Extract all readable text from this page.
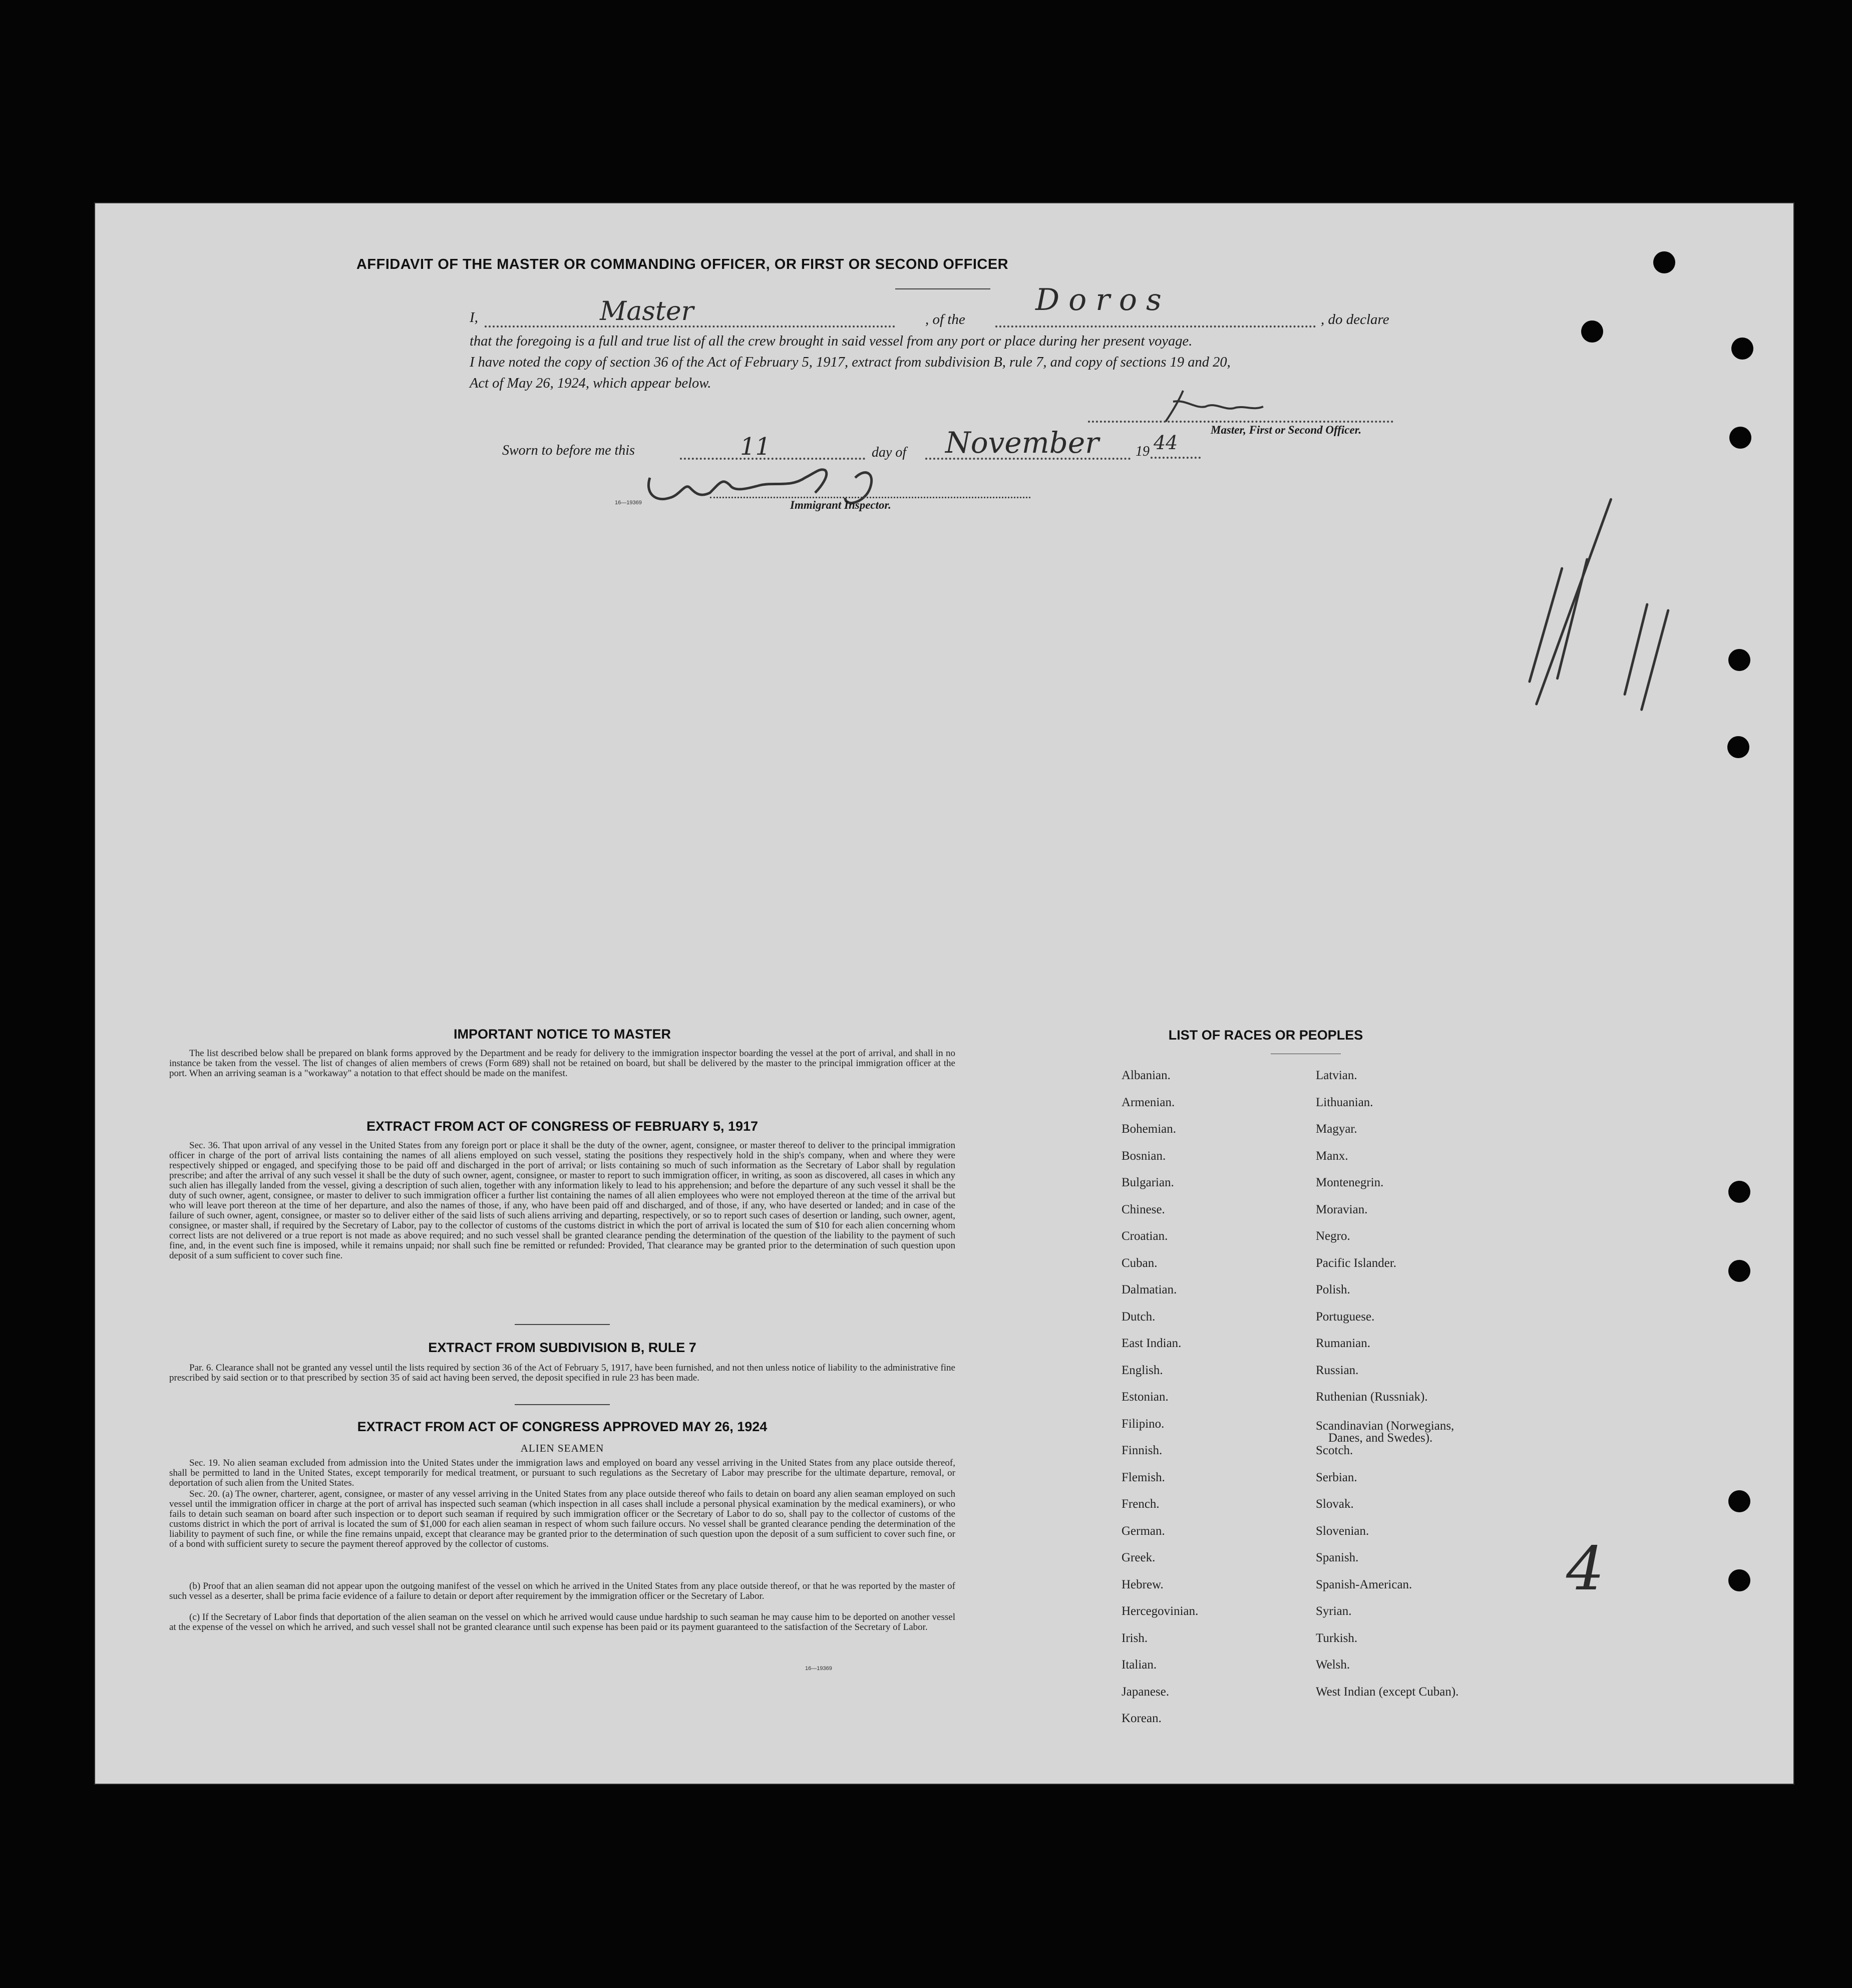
AFFIDAVIT OF THE MASTER OR COMMANDING OFFICER, OR FIRST OR SECOND OFFICER
I,	Master	, of the
Doros
, do declare
that the foregoing is a full and true list of all the crew brought in said vessel from any port or place during her present voyage.
I have noted the copy of section 36 of the Act of February 5, 1917, extract from subdivision B, rule 7, and copy of sections 19 and 20,
Act of May 26, 1924, which appear below.
Master, First or Second Officer.
Sworn to before me this	11	day of November	19 44
16—19369	Immigrant Inspector.
IMPORTANT NOTICE TO MASTER
The list described below shall be prepared on blank forms approved by the Department and be ready for delivery to the immigration inspector boarding the vessel at the port of arrival, and shall in no instance be taken from the vessel. The list of changes of alien members of crews (Form 689) shall not be retained on board, but shall be delivered by the master to the principal immigration officer at the port. When an arriving seaman is a "workaway" a notation to that effect should be made on the manifest.
EXTRACT FROM ACT OF CONGRESS OF FEBRUARY 5, 1917
Sec. 36. That upon arrival of any vessel in the United States from any foreign port or place it shall be the duty of the owner, agent, consignee, or master thereof to deliver to the principal immigration officer in charge of the port of arrival lists containing the names of all aliens employed on such vessel, stating the positions they respectively hold in the ship's company, when and where they were respectively shipped or engaged, and specifying those to be paid off and discharged in the port of arrival; or lists containing so much of such information as the Secretary of Labor shall by regulation prescribe; and after the arrival of any such vessel it shall be the duty of such owner, agent, consignee, or master to report to such immigration officer, in writing, as soon as discovered, all cases in which any such alien has illegally landed from the vessel, giving a description of such alien, together with any information likely to lead to his apprehension; and before the departure of any such vessel it shall be the duty of such owner, agent, consignee, or master to deliver to such immigration officer a further list containing the names of all alien employees who were not employed thereon at the time of the arrival but who will leave port thereon at the time of her departure, and also the names of those, if any, who have been paid off and discharged, and of those, if any, who have deserted or landed; and in case of the failure of such owner, agent, consignee, or master so to deliver either of the said lists of such aliens arriving and departing, respectively, or so to report such cases of desertion or landing, such owner, agent, consignee, or master shall, if required by the Secretary of Labor, pay to the collector of customs of the customs district in which the port of arrival is located the sum of $10 for each alien concerning whom correct lists are not delivered or a true report is not made as above required; and no such vessel shall be granted clearance pending the determination of the question of the liability to the payment of such fine, and, in the event such fine is imposed, while it remains unpaid; nor shall such fine be remitted or refunded: Provided, That clearance may be granted prior to the determination of such question upon deposit of a sum sufficient to cover such fine.
EXTRACT FROM SUBDIVISION B, RULE 7
Par. 6. Clearance shall not be granted any vessel until the lists required by section 36 of the Act of February 5, 1917, have been furnished, and not then unless notice of liability to the administrative fine prescribed by said section or to that prescribed by section 35 of said act having been served, the deposit specified in rule 23 has been made.
EXTRACT FROM ACT OF CONGRESS APPROVED MAY 26, 1924
ALIEN SEAMEN
Sec. 19. No alien seaman excluded from admission into the United States under the immigration laws and employed on board any vessel arriving in the United States from any place outside thereof, shall be permitted to land in the United States, except temporarily for medical treatment, or pursuant to such regulations as the Secretary of Labor may prescribe for the ultimate departure, removal, or deportation of such alien from the United States.
Sec. 20. (a) The owner, charterer, agent, consignee, or master of any vessel arriving in the United States from any place outside thereof who fails to detain on board any alien seaman employed on such vessel until the immigration officer in charge at the port of arrival has inspected such seaman (which inspection in all cases shall include a personal physical examination by the medical examiners), or who fails to detain such seaman on board after such inspection or to deport such seaman if required by such immigration officer or the Secretary of Labor to do so, shall pay to the collector of customs of the customs district in which the port of arrival is located the sum of $1,000 for each alien seaman in respect of whom such failure occurs. No vessel shall be granted clearance pending the determination of the liability to payment of such fine, or while the fine remains unpaid, except that clearance may be granted prior to the determination of such question upon the deposit of a sum sufficient to cover such fine, or of a bond with sufficient surety to secure the payment thereof approved by the collector of customs.
(b) Proof that an alien seaman did not appear upon the outgoing manifest of the vessel on which he arrived in the United States from any place outside thereof, or that he was reported by the master of such vessel as a deserter, shall be prima facie evidence of a failure to detain or deport after requirement by the immigration officer or the Secretary of Labor.
(c) If the Secretary of Labor finds that deportation of the alien seaman on the vessel on which he arrived would cause undue hardship to such seaman he may cause him to be deported on another vessel at the expense of the vessel on which he arrived, and such vessel shall not be granted clearance until such expense has been paid or its payment guaranteed to the satisfaction of the Secretary of Labor.
16—19369
LIST OF RACES OR PEOPLES
Albanian.
Armenian.
Bohemian.
Bosnian.
Bulgarian.
Chinese.
Croatian.
Cuban.
Dalmatian.
Dutch.
East Indian.
English.
Estonian.
Filipino.
Finnish.
Flemish.
French.
German.
Greek.
Hebrew.
Hercegovinian.
Irish.
Italian.
Japanese.
Korean.
Latvian.
Lithuanian.
Magyar.
Manx.
Montenegrin.
Moravian.
Negro.
Pacific Islander.
Polish.
Portuguese.
Rumanian.
Russian.
Ruthenian (Russniak).
Scandinavian (Norwegians,
Danes, and Swedes).
Scotch.
Serbian.
Slovak.
Slovenian.
Spanish.
Spanish-American.
Syrian.
Turkish.
Welsh.
West Indian (except Cuban).
4
